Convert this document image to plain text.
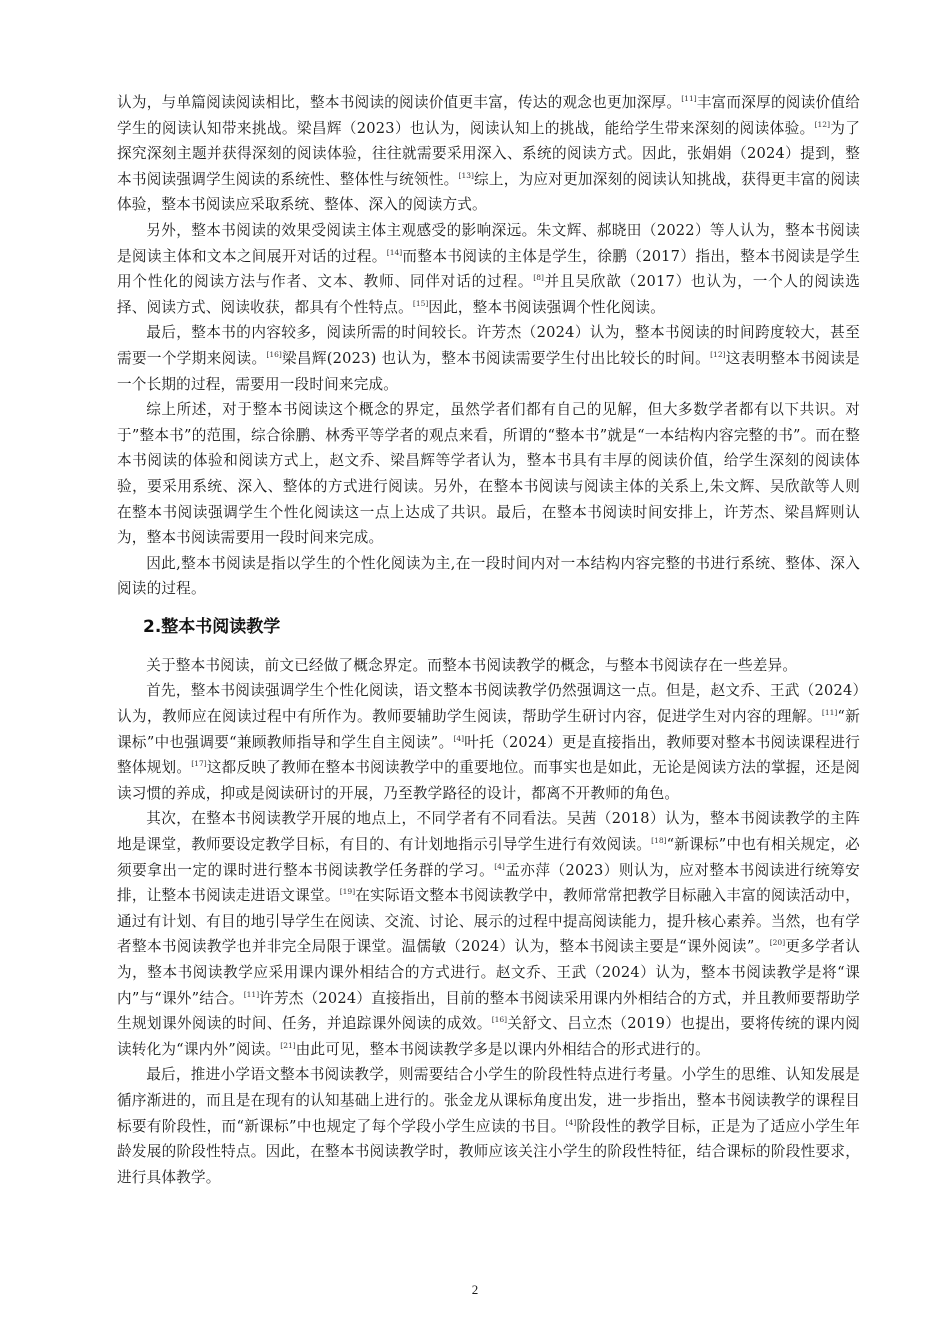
认为，与单篇阅读阅读相比，整本书阅读的阅读价值更丰富，传达的观念也更加深厚。[11]丰富而深厚的阅读价值给学生的阅读认知带来挑战。梁昌辉（2023）也认为，阅读认知上的挑战，能给学生带来深刻的阅读体验。[12]为了探究深刻主题并获得深刻的阅读体验，往往就需要采用深入、系统的阅读方式。因此，张娟娟（2024）提到，整本书阅读强调学生阅读的系统性、整体性与统领性。[13]综上，为应对更加深刻的阅读认知挑战，获得更丰富的阅读体验，整本书阅读应采取系统、整体、深入的阅读方式。

另外，整本书阅读的效果受阅读主体主观感受的影响深远。朱文辉、郝晓田（2022）等人认为，整本书阅读是阅读主体和文本之间展开对话的过程。[14]而整本书阅读的主体是学生，徐鹏（2017）指出，整本书阅读是学生用个性化的阅读方法与作者、文本、教师、同伴对话的过程。[8]并且吴欣歆（2017）也认为，一个人的阅读选择、阅读方式、阅读收获，都具有个性特点。[15]因此，整本书阅读强调个性化阅读。

最后，整本书的内容较多，阅读所需的时间较长。许芳杰（2024）认为，整本书阅读的时间跨度较大，甚至需要一个学期来阅读。[16]梁昌辉(2023) 也认为，整本书阅读需要学生付出比较长的时间。[12]这表明整本书阅读是一个长期的过程，需要用一段时间来完成。

综上所述，对于整本书阅读这个概念的界定，虽然学者们都有自己的见解，但大多数学者都有以下共识。对于”整本书”的范围，综合徐鹏、林秀平等学者的观点来看，所谓的“整本书”就是“一本结构内容完整的书”。而在整本书阅读的体验和阅读方式上，赵文乔、梁昌辉等学者认为，整本书具有丰厚的阅读价值，给学生深刻的阅读体验，要采用系统、深入、整体的方式进行阅读。另外，在整本书阅读与阅读主体的关系上,朱文辉、吴欣歆等人则在整本书阅读强调学生个性化阅读这一点上达成了共识。最后，在整本书阅读时间安排上，许芳杰、梁昌辉则认为，整本书阅读需要用一段时间来完成。

因此,整本书阅读是指以学生的个性化阅读为主,在一段时间内对一本结构内容完整的书进行系统、整体、深入阅读的过程。

2.整本书阅读教学

关于整本书阅读，前文已经做了概念界定。而整本书阅读教学的概念，与整本书阅读存在一些差异。

首先，整本书阅读强调学生个性化阅读，语文整本书阅读教学仍然强调这一点。但是，赵文乔、王武（2024）认为，教师应在阅读过程中有所作为。教师要辅助学生阅读，帮助学生研讨内容，促进学生对内容的理解。[11]“新课标”中也强调要“兼顾教师指导和学生自主阅读”。[4]叶托（2024）更是直接指出，教师要对整本书阅读课程进行整体规划。[17]这都反映了教师在整本书阅读教学中的重要地位。而事实也是如此，无论是阅读方法的掌握，还是阅读习惯的养成，抑或是阅读研讨的开展，乃至教学路径的设计，都离不开教师的角色。

其次，在整本书阅读教学开展的地点上，不同学者有不同看法。吴茜（2018）认为，整本书阅读教学的主阵地是课堂，教师要设定教学目标，有目的、有计划地指示引导学生进行有效阅读。[18]“新课标”中也有相关规定，必须要拿出一定的课时进行整本书阅读教学任务群的学习。[4]孟亦萍（2023）则认为，应对整本书阅读进行统筹安排，让整本书阅读走进语文课堂。[19]在实际语文整本书阅读教学中，教师常常把教学目标融入丰富的阅读活动中，通过有计划、有目的地引导学生在阅读、交流、讨论、展示的过程中提高阅读能力，提升核心素养。当然，也有学者整本书阅读教学也并非完全局限于课堂。温儒敏（2024）认为，整本书阅读主要是“课外阅读”。[20]更多学者认为，整本书阅读教学应采用课内课外相结合的方式进行。赵文乔、王武（2024）认为，整本书阅读教学是将“课内”与“课外”结合。[11]许芳杰（2024）直接指出，目前的整本书阅读采用课内外相结合的方式，并且教师要帮助学生规划课外阅读的时间、任务，并追踪课外阅读的成效。[16]关舒文、吕立杰（2019）也提出，要将传统的课内阅读转化为“课内外”阅读。[21]由此可见，整本书阅读教学多是以课内外相结合的形式进行的。

最后，推进小学语文整本书阅读教学，则需要结合小学生的阶段性特点进行考量。小学生的思维、认知发展是循序渐进的，而且是在现有的认知基础上进行的。张金龙从课标角度出发，进一步指出，整本书阅读教学的课程目标要有阶段性，而“新课标”中也规定了每个学段小学生应读的书目。[4]阶段性的教学目标，正是为了适应小学生年龄发展的阶段性特点。因此，在整本书阅读教学时，教师应该关注小学生的阶段性特征，结合课标的阶段性要求，进行具体教学。

2
